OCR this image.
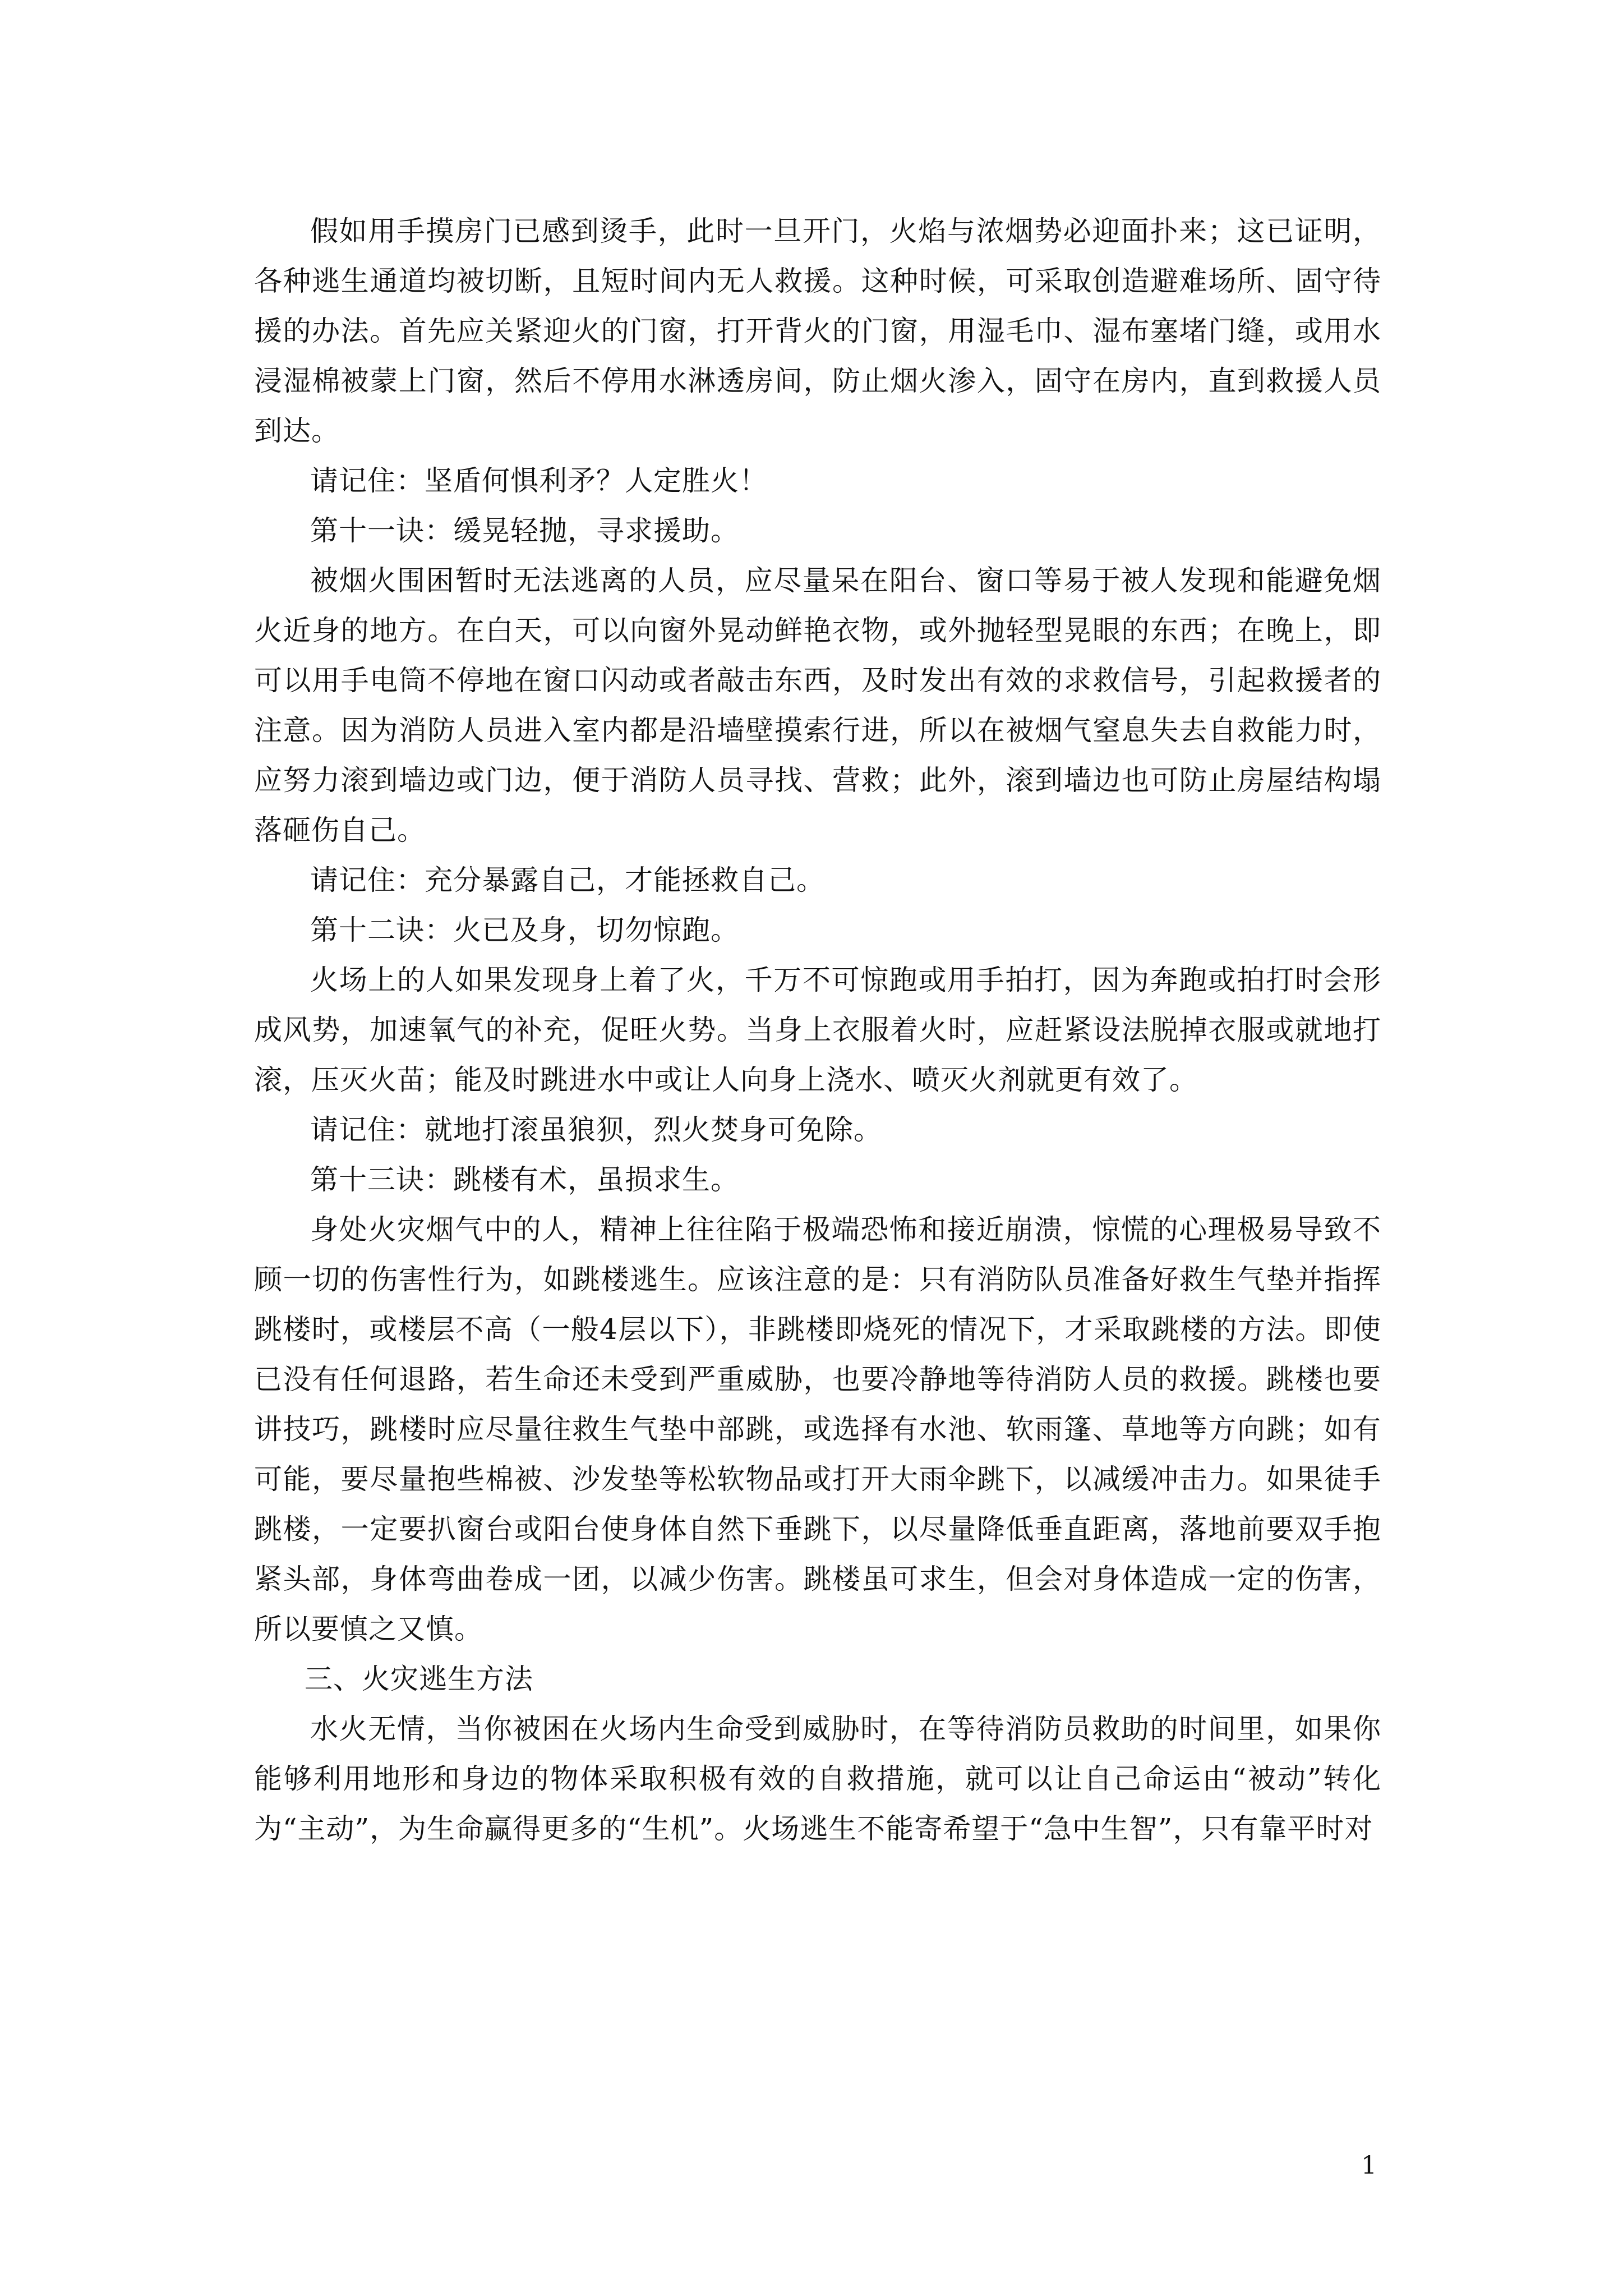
假如用手摸房门已感到烫手，此时一旦开门，火焰与浓烟势必迎面扑来；这已证明，各种逃生通道均被切断，且短时间内无人救援。这种时候，可采取创造避难场所、固守待援的办法。首先应关紧迎火的门窗，打开背火的门窗，用湿毛巾、湿布塞堵门缝，或用水浸湿棉被蒙上门窗，然后不停用水淋透房间，防止烟火渗入，固守在房内，直到救援人员到达。

请记住：坚盾何惧利矛？人定胜火！

第十一诀：缓晃轻抛，寻求援助。

被烟火围困暂时无法逃离的人员，应尽量呆在阳台、窗口等易于被人发现和能避免烟火近身的地方。在白天，可以向窗外晃动鲜艳衣物，或外抛轻型晃眼的东西；在晚上，即可以用手电筒不停地在窗口闪动或者敲击东西，及时发出有效的求救信号，引起救援者的注意。因为消防人员进入室内都是沿墙壁摸索行进，所以在被烟气窒息失去自救能力时，应努力滚到墙边或门边，便于消防人员寻找、营救；此外，滚到墙边也可防止房屋结构塌落砸伤自己。

请记住：充分暴露自己，才能拯救自己。

第十二诀：火已及身，切勿惊跑。

火场上的人如果发现身上着了火，千万不可惊跑或用手拍打，因为奔跑或拍打时会形成风势，加速氧气的补充，促旺火势。当身上衣服着火时，应赶紧设法脱掉衣服或就地打滚，压灭火苗；能及时跳进水中或让人向身上浇水、喷灭火剂就更有效了。

请记住：就地打滚虽狼狈，烈火焚身可免除。

第十三诀：跳楼有术，虽损求生。

身处火灾烟气中的人，精神上往往陷于极端恐怖和接近崩溃，惊慌的心理极易导致不顾一切的伤害性行为，如跳楼逃生。应该注意的是：只有消防队员准备好救生气垫并指挥跳楼时，或楼层不高（一般4层以下），非跳楼即烧死的情况下，才采取跳楼的方法。即使已没有任何退路，若生命还未受到严重威胁，也要冷静地等待消防人员的救援。跳楼也要讲技巧，跳楼时应尽量往救生气垫中部跳，或选择有水池、软雨篷、草地等方向跳；如有可能，要尽量抱些棉被、沙发垫等松软物品或打开大雨伞跳下，以减缓冲击力。如果徒手跳楼，一定要扒窗台或阳台使身体自然下垂跳下，以尽量降低垂直距离，落地前要双手抱紧头部，身体弯曲卷成一团，以减少伤害。跳楼虽可求生，但会对身体造成一定的伤害，所以要慎之又慎。

三、火灾逃生方法

水火无情，当你被困在火场内生命受到威胁时，在等待消防员救助的时间里，如果你能够利用地形和身边的物体采取积极有效的自救措施，就可以让自己命运由“被动”转化为“主动”，为生命赢得更多的“生机”。火场逃生不能寄希望于“急中生智”，只有靠平时对

1
